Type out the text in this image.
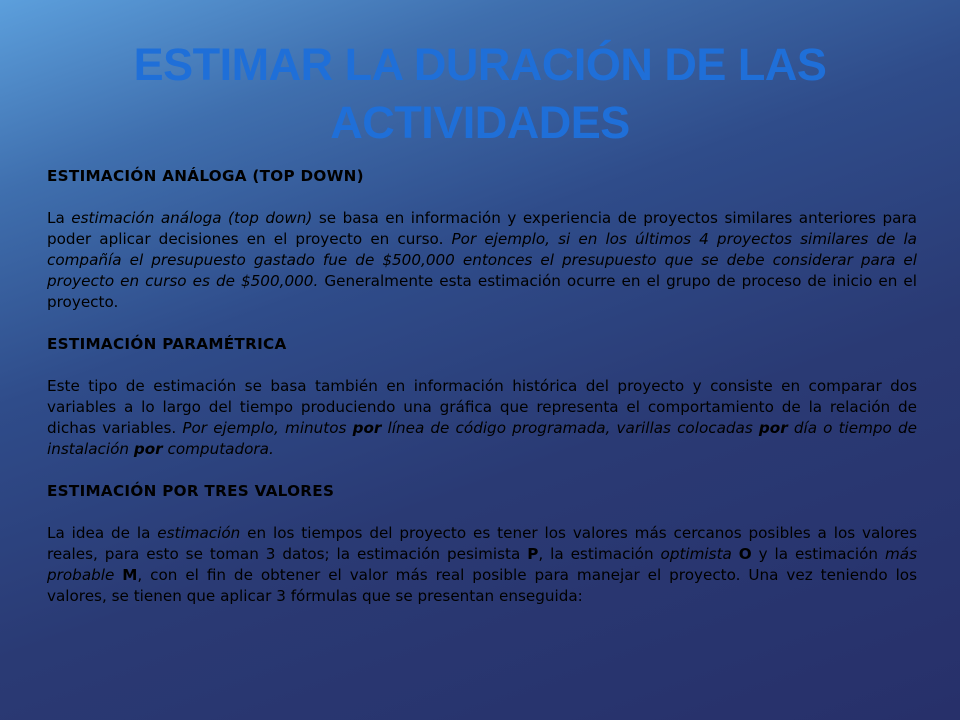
ESTIMAR LA DURACIÓN DE LAS ACTIVIDADES
ESTIMACIÓN ANÁLOGA (TOP DOWN)
La estimación análoga (top down) se basa en información y experiencia de proyectos similares anteriores para poder aplicar decisiones en el proyecto en curso. Por ejemplo, si en los últimos 4 proyectos similares de la compañía el presupuesto gastado fue de $500,000 entonces el presupuesto que se debe considerar para el proyecto en curso es de $500,000. Generalmente esta estimación ocurre en el grupo de proceso de inicio en el proyecto.
ESTIMACIÓN PARAMÉTRICA
Este tipo de estimación se basa también en información histórica del proyecto y consiste en comparar dos variables a lo largo del tiempo produciendo una gráfica que representa el comportamiento de la relación de dichas variables. Por ejemplo, minutos por línea de código programada, varillas colocadas por día o tiempo de instalación por computadora.
ESTIMACIÓN POR TRES VALORES
La idea de la estimación en los tiempos del proyecto es tener los valores más cercanos posibles a los valores reales, para esto se toman 3 datos; la estimación pesimista P, la estimación optimista O y la estimación más probable M, con el fin de obtener el valor más real posible para manejar el proyecto. Una vez teniendo los valores, se tienen que aplicar 3 fórmulas que se presentan enseguida:
